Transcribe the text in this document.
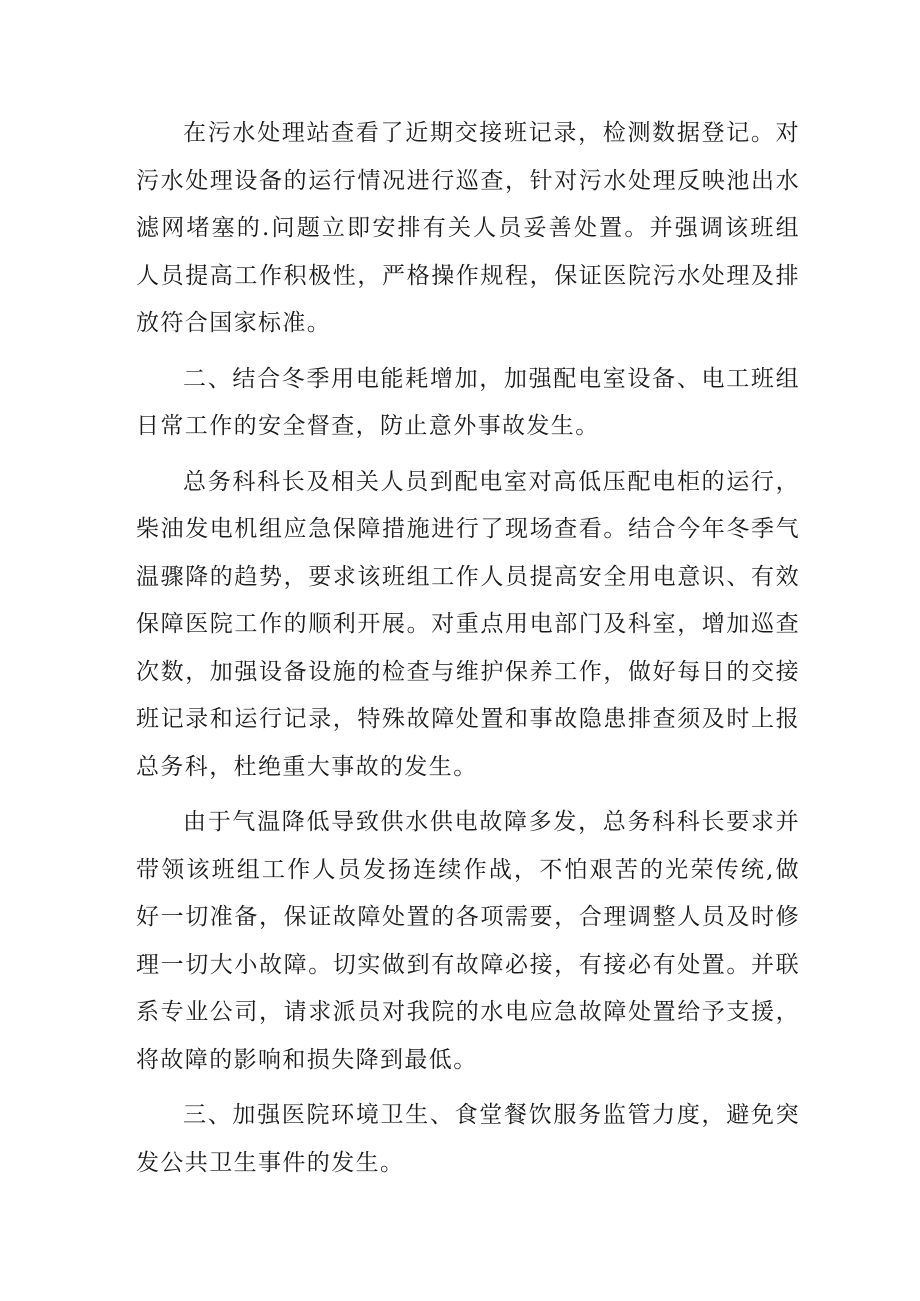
在污水处理站查看了近期交接班记录，检测数据登记。对污水处理设备的运行情况进行巡查，针对污水处理反映池出水滤网堵塞的.问题立即安排有关人员妥善处置。并强调该班组人员提高工作积极性，严格操作规程，保证医院污水处理及排放符合国家标准。

二、结合冬季用电能耗增加，加强配电室设备、电工班组日常工作的安全督查，防止意外事故发生。

总务科科长及相关人员到配电室对高低压配电柜的运行，柴油发电机组应急保障措施进行了现场查看。结合今年冬季气温骤降的趋势，要求该班组工作人员提高安全用电意识、有效保障医院工作的顺利开展。对重点用电部门及科室，增加巡查次数，加强设备设施的检查与维护保养工作，做好每日的交接班记录和运行记录，特殊故障处置和事故隐患排查须及时上报总务科，杜绝重大事故的发生。

由于气温降低导致供水供电故障多发，总务科科长要求并带领该班组工作人员发扬连续作战，不怕艰苦的光荣传统,做好一切准备，保证故障处置的各项需要，合理调整人员及时修理一切大小故障。切实做到有故障必接，有接必有处置。并联系专业公司，请求派员对我院的水电应急故障处置给予支援，将故障的影响和损失降到最低。

三、加强医院环境卫生、食堂餐饮服务监管力度，避免突发公共卫生事件的发生。
